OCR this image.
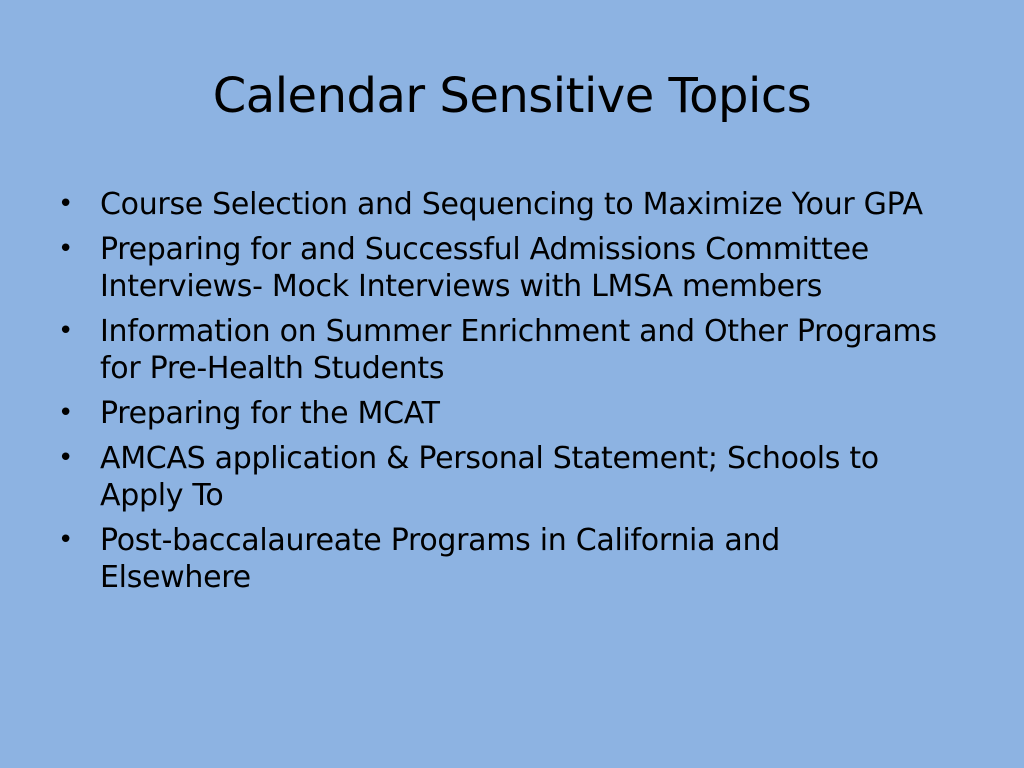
Calendar Sensitive Topics
• Course Selection and Sequencing to Maximize Your GPA
• Preparing for and Successful Admissions Committee Interviews- Mock Interviews with LMSA members
• Information on Summer Enrichment and Other Programs for Pre-Health Students
• Preparing for the MCAT
• AMCAS application & Personal Statement; Schools to Apply To
• Post-baccalaureate Programs in California and Elsewhere
